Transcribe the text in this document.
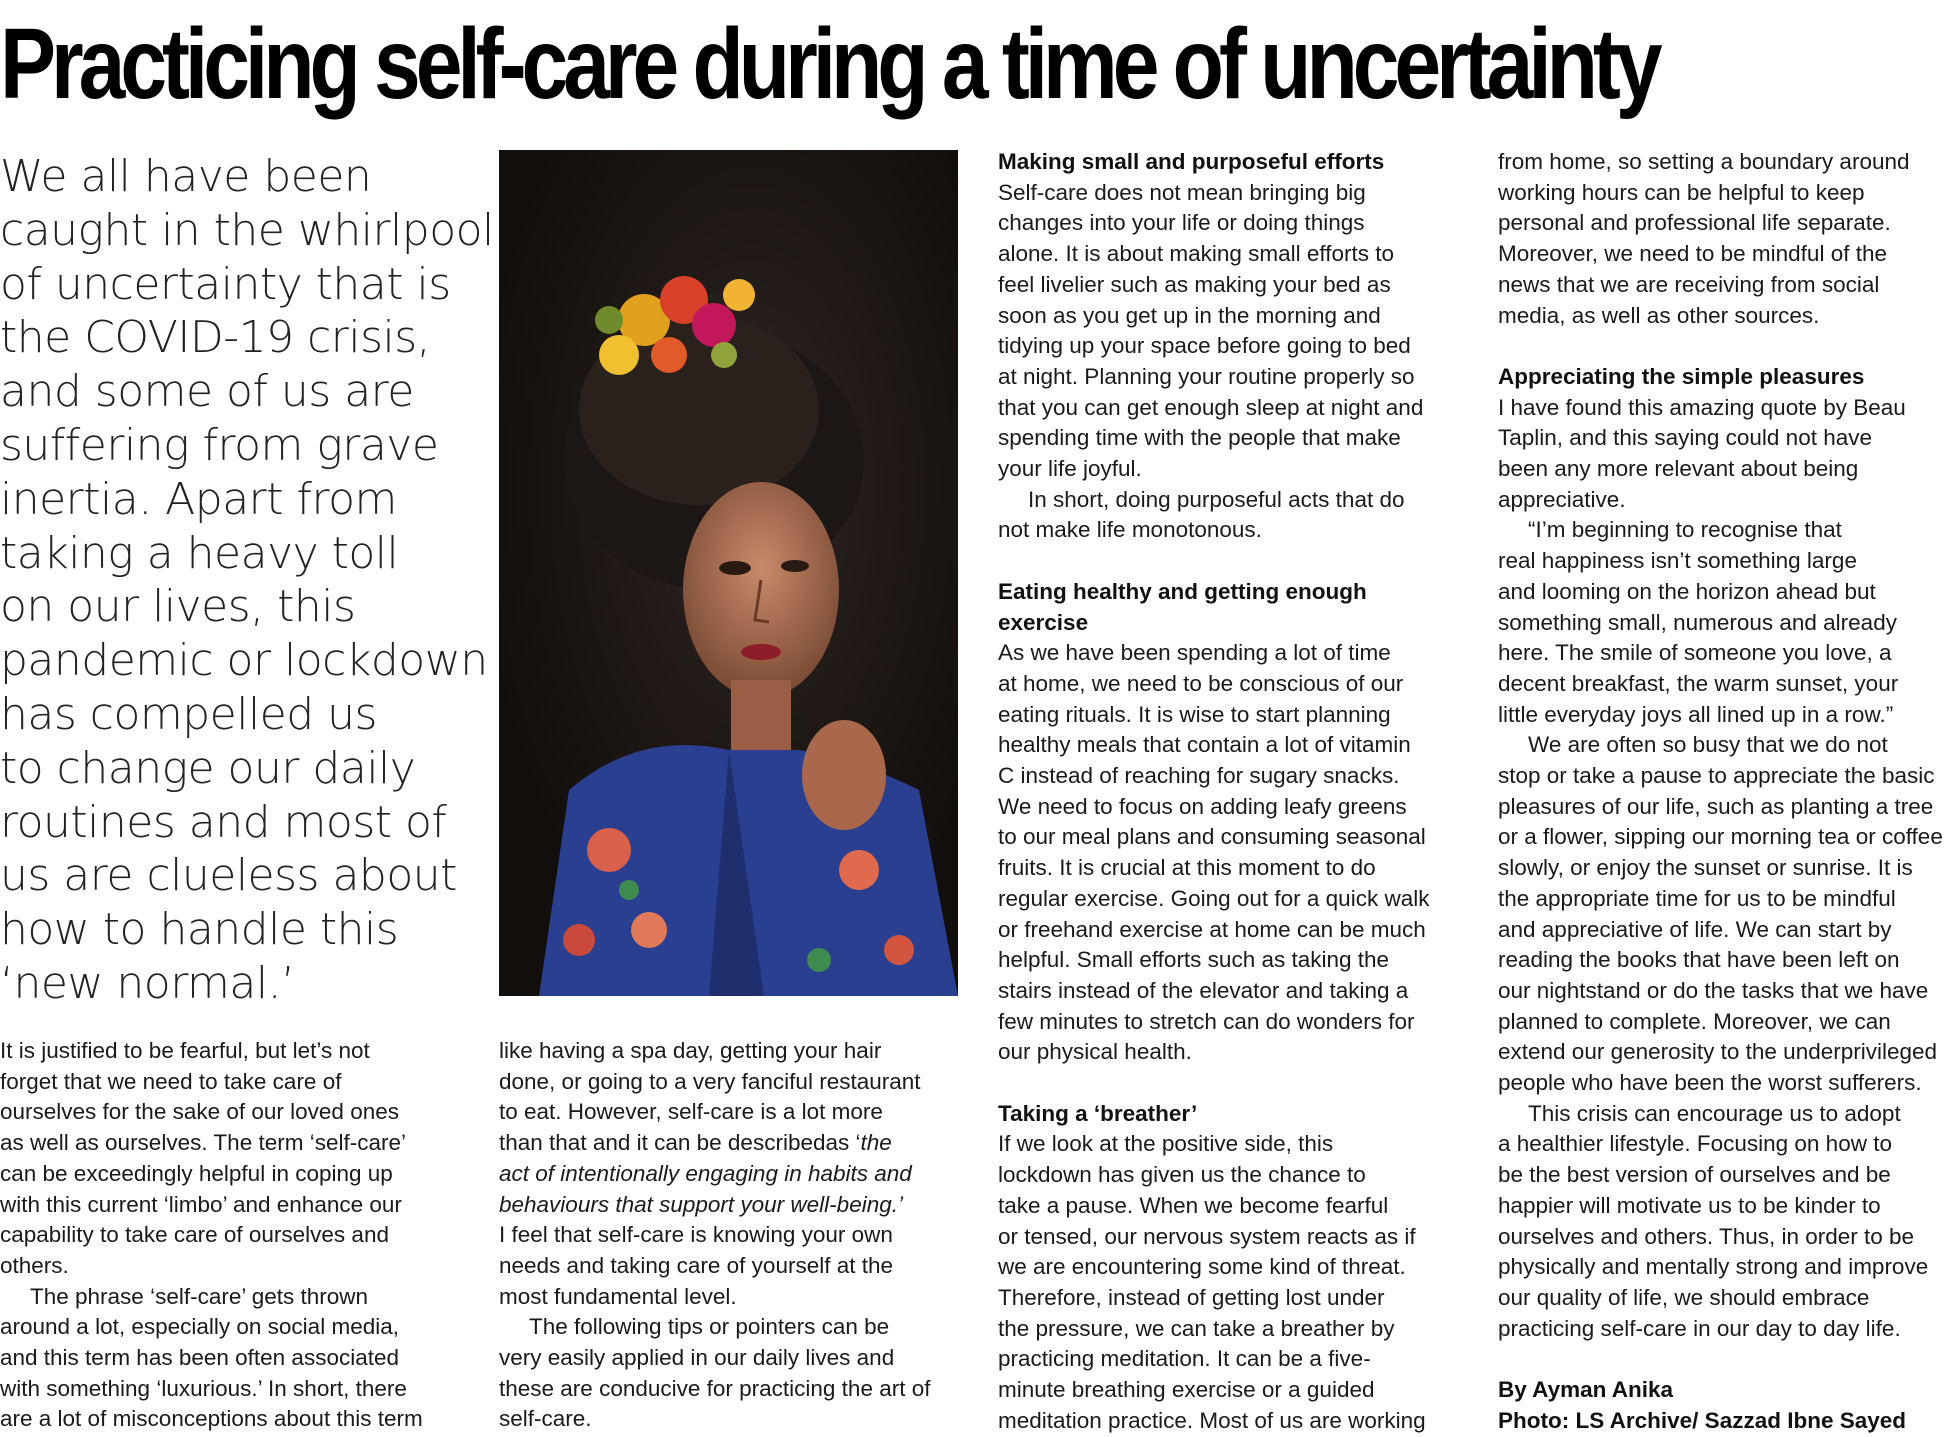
Practicing self-care during a time of uncertainty
We all have been
caught in the whirlpool
of uncertainty that is
the COVID-19 crisis,
and some of us are
suffering from grave
inertia. Apart from
taking a heavy toll
on our lives, this
pandemic or lockdown
has compelled us
to change our daily
routines and most of
us are clueless about
how to handle this
‘new normal.’
It is justified to be fearful, but let’s not
forget that we need to take care of
ourselves for the sake of our loved ones
as well as ourselves. The term ‘self-care’
can be exceedingly helpful in coping up
with this current ‘limbo’ and enhance our
capability to take care of ourselves and
others.
The phrase ‘self-care’ gets thrown
around a lot, especially on social media,
and this term has been often associated
with something ‘luxurious.’ In short, there
are a lot of misconceptions about this term
like having a spa day, getting your hair
done, or going to a very fanciful restaurant
to eat. However, self-care is a lot more
than that and it can be describedas ‘the
act of intentionally engaging in habits and
behaviours that support your well-being.’
I feel that self-care is knowing your own
needs and taking care of yourself at the
most fundamental level.
The following tips or pointers can be
very easily applied in our daily lives and
these are conducive for practicing the art of
self-care.
Making small and purposeful efforts
Self-care does not mean bringing big
changes into your life or doing things
alone. It is about making small efforts to
feel livelier such as making your bed as
soon as you get up in the morning and
tidying up your space before going to bed
at night. Planning your routine properly so
that you can get enough sleep at night and
spending time with the people that make
your life joyful.
In short, doing purposeful acts that do
not make life monotonous.
Eating healthy and getting enough
exercise
As we have been spending a lot of time
at home, we need to be conscious of our
eating rituals. It is wise to start planning
healthy meals that contain a lot of vitamin
C instead of reaching for sugary snacks.
We need to focus on adding leafy greens
to our meal plans and consuming seasonal
fruits. It is crucial at this moment to do
regular exercise. Going out for a quick walk
or freehand exercise at home can be much
helpful. Small efforts such as taking the
stairs instead of the elevator and taking a
few minutes to stretch can do wonders for
our physical health.
Taking a ‘breather’
If we look at the positive side, this
lockdown has given us the chance to
take a pause. When we become fearful
or tensed, our nervous system reacts as if
we are encountering some kind of threat.
Therefore, instead of getting lost under
the pressure, we can take a breather by
practicing meditation. It can be a five-
minute breathing exercise or a guided
meditation practice. Most of us are working
from home, so setting a boundary around
working hours can be helpful to keep
personal and professional life separate.
Moreover, we need to be mindful of the
news that we are receiving from social
media, as well as other sources.
Appreciating the simple pleasures
I have found this amazing quote by Beau
Taplin, and this saying could not have
been any more relevant about being
appreciative.
“I’m beginning to recognise that
real happiness isn’t something large
and looming on the horizon ahead but
something small, numerous and already
here. The smile of someone you love, a
decent breakfast, the warm sunset, your
little everyday joys all lined up in a row.”
We are often so busy that we do not
stop or take a pause to appreciate the basic
pleasures of our life, such as planting a tree
or a flower, sipping our morning tea or coffee
slowly, or enjoy the sunset or sunrise. It is
the appropriate time for us to be mindful
and appreciative of life. We can start by
reading the books that have been left on
our nightstand or do the tasks that we have
planned to complete. Moreover, we can
extend our generosity to the underprivileged
people who have been the worst sufferers.
This crisis can encourage us to adopt
a healthier lifestyle. Focusing on how to
be the best version of ourselves and be
happier will motivate us to be kinder to
ourselves and others. Thus, in order to be
physically and mentally strong and improve
our quality of life, we should embrace
practicing self-care in our day to day life.
By Ayman Anika
Photo: LS Archive/ Sazzad Ibne Sayed
